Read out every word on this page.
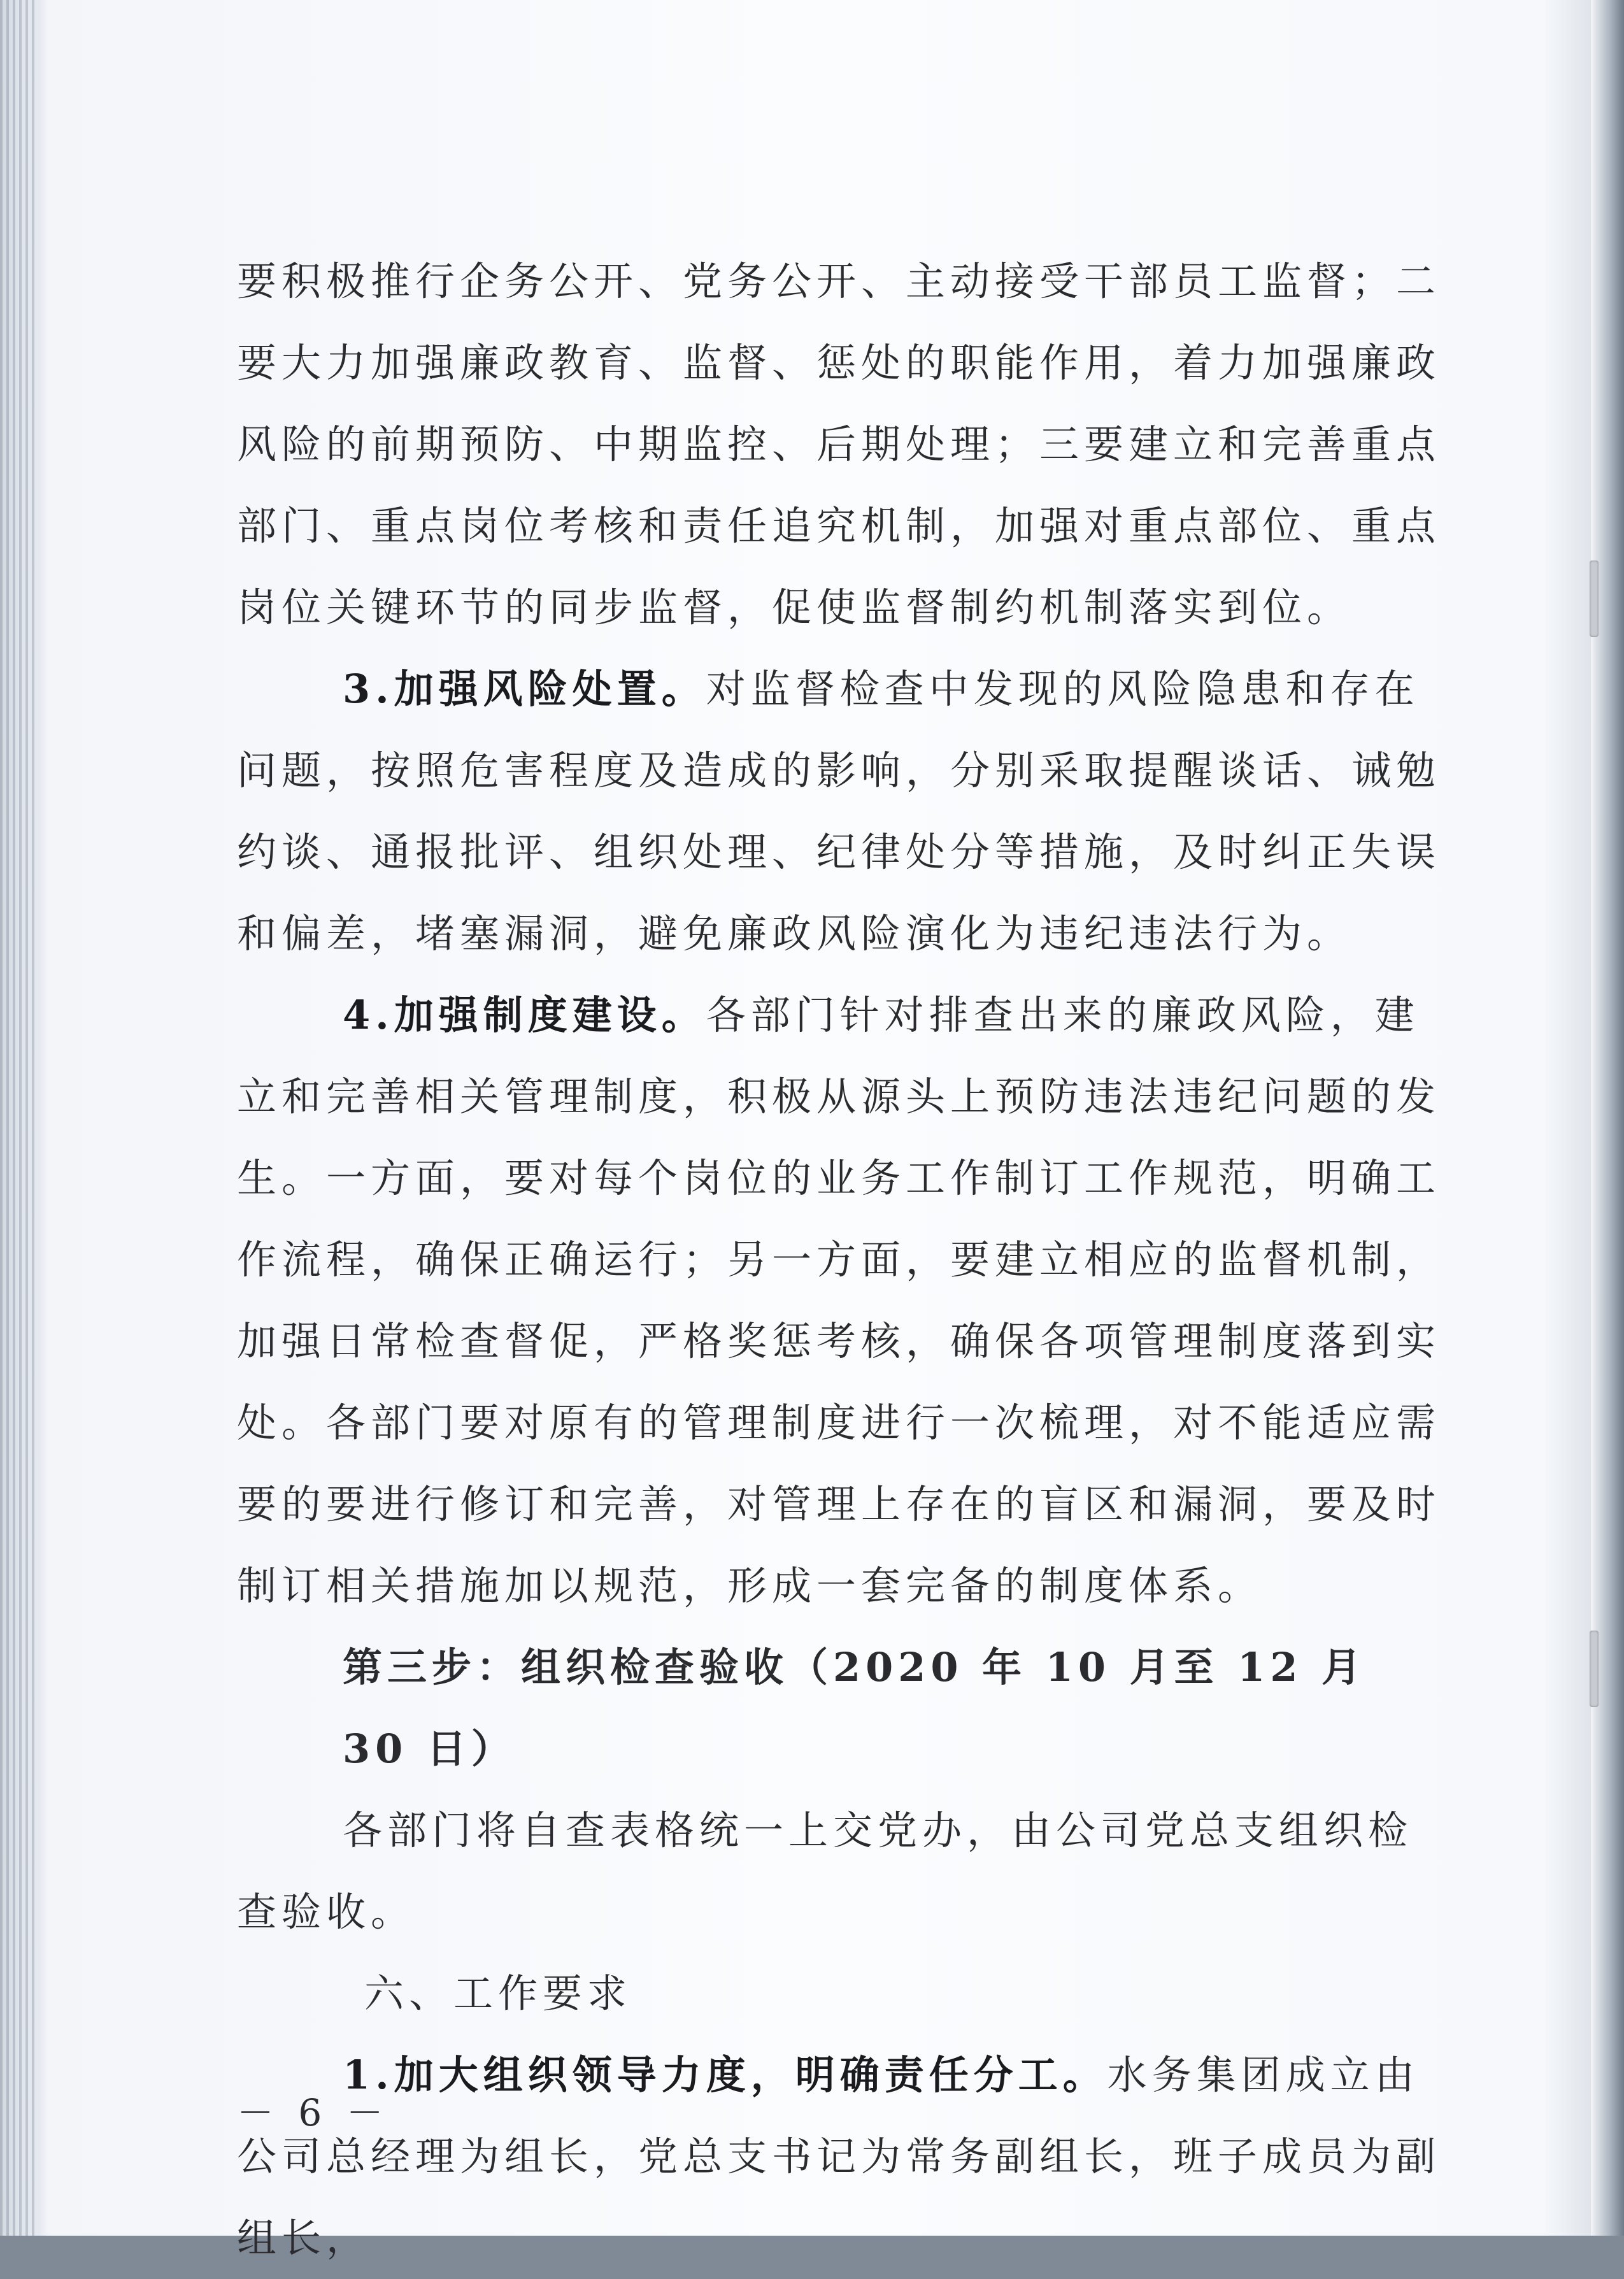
要积极推行企务公开、党务公开、主动接受干部员工监督；二要大力加强廉政教育、监督、惩处的职能作用，着力加强廉政风险的前期预防、中期监控、后期处理；三要建立和完善重点部门、重点岗位考核和责任追究机制，加强对重点部位、重点岗位关键环节的同步监督，促使监督制约机制落实到位。

3.加强风险处置。对监督检查中发现的风险隐患和存在问题，按照危害程度及造成的影响，分别采取提醒谈话、诫勉约谈、通报批评、组织处理、纪律处分等措施，及时纠正失误和偏差，堵塞漏洞，避免廉政风险演化为违纪违法行为。

4.加强制度建设。各部门针对排查出来的廉政风险，建立和完善相关管理制度，积极从源头上预防违法违纪问题的发生。一方面，要对每个岗位的业务工作制订工作规范，明确工作流程，确保正确运行；另一方面，要建立相应的监督机制，加强日常检查督促，严格奖惩考核，确保各项管理制度落到实处。各部门要对原有的管理制度进行一次梳理，对不能适应需要的要进行修订和完善，对管理上存在的盲区和漏洞，要及时制订相关措施加以规范，形成一套完备的制度体系。

第三步：组织检查验收（2020 年 10 月至 12 月 30 日）

各部门将自查表格统一上交党办，由公司党总支组织检查验收。

六、工作要求

1.加大组织领导力度，明确责任分工。水务集团成立由公司总经理为组长，党总支书记为常务副组长，班子成员为副组长，

－ 6 －
